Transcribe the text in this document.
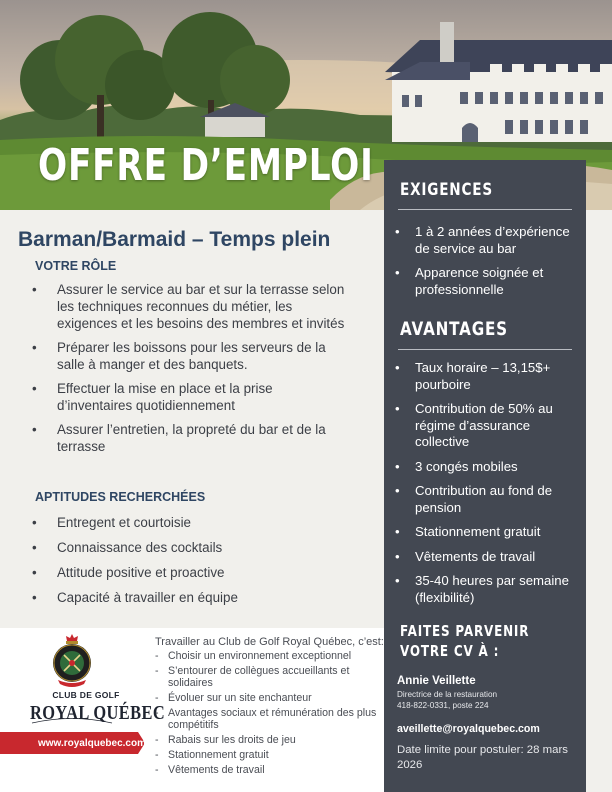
OFFRE D’EMPLOI
Barman/Barmaid – Temps plein
VOTRE RÔLE
• Assurer le service au bar et sur la terrasse selon les techniques reconnues du métier, les exigences et les besoins des membres et invités
• Préparer les boissons pour les serveurs de la salle à manger et des banquets.
• Effectuer la mise en place et la prise d’inventaires quotidiennement
• Assurer l’entretien, la propreté du bar et de la terrasse
APTITUDES RECHERCHÉES
• Entregent et courtoisie
• Connaissance des cocktails
• Attitude positive et proactive
• Capacité à travailler en équipe
EXIGENCES
• 1 à 2 années d’expérience de service au bar
• Apparence soignée et professionnelle
AVANTAGES
• Taux horaire – 13,15$+ pourboire
• Contribution de 50% au régime d’assurance collective
• 3 congés mobiles
• Contribution au fond de pension
• Stationnement gratuit
• Vêtements de travail
• 35-40 heures par semaine (flexibilité)
FAITES PARVENIR
VOTRE CV À :

Annie Veillette

Directrice de la restauration

418-822-0331, poste 224

aveillette@royalquebec.com

Date limite pour postuler: 28 mars 2026

CLUB DE GOLF

ROYAL QUÉBEC

www.royalquebec.com

Travailler au Club de Golf Royal Québec, c’est:

- Choisir un environnement exceptionnel
- S’entourer de collègues accueillants et solidaires
- Évoluer sur un site enchanteur
- Avantages sociaux et rémunération des plus compétitifs
- Rabais sur les droits de jeu
- Stationnement gratuit
- Vêtements de travail
